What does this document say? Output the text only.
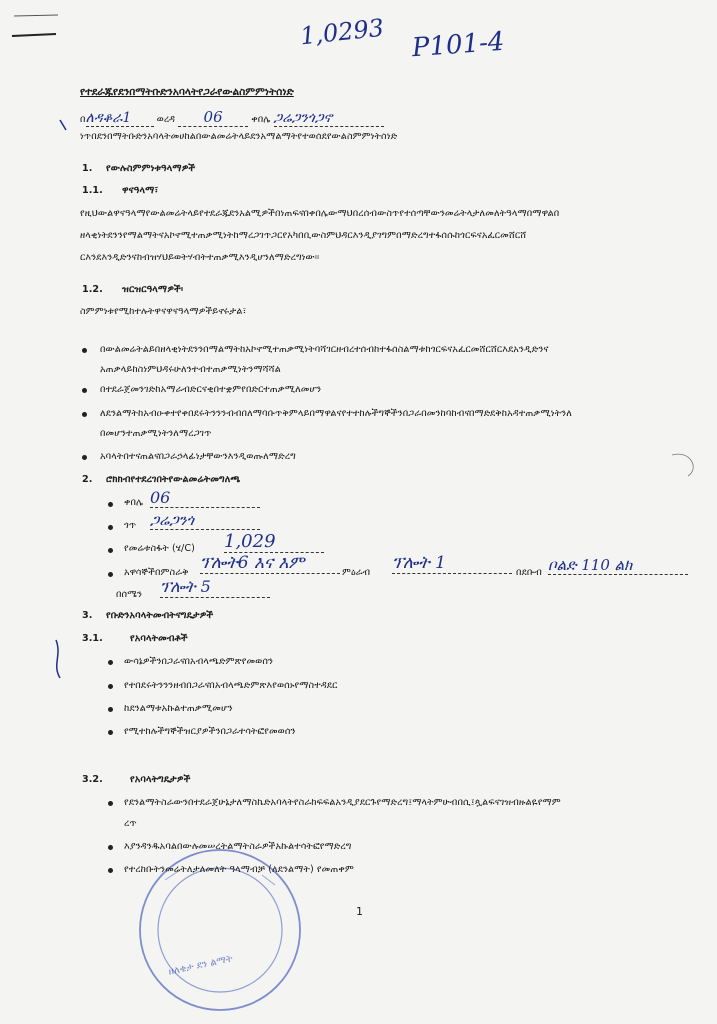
1,0293 P101-4
የተደራጁየደንበማትቡድንአባላትየጋራየውልስምምነትሰነድ
በለዳቆራ1	ወረዳ 06	ቀበሌ ጋሬጋንጎጋኖ
ነጥበደንበማትቡድንአባላትመሀከልበውልመሬትላይደንአማልማትየተወሰደየውልስምምነትሰነድ
1. የውሉስምምነቱዓላማዎች
1.1. ዋናዓላማ፣
የዚህውልዋናዓላማየውልመሬትላይየተደራጁደንአልሚዎችበነጠፍናበቀበሌውማህበረሰብውስጥየተሰጣቸውንመሬትላታለመለትዓላማበማዋልበ
ዘላቂነትደንንየማልማትናአኮኖሚተጠቃሚነትከማረጋገጥጋርየአካበቢውስምህዳርእንዲያገግምበማድረግተፋሰሱከጎርፍናአፈርመሸርሸ
ርእንደእንዲድንናከብዝሃህይወትሃብትተጠቃሚእንዲሆንለማድረግነው።
1.2. ዝርዝርዓላማዎች፡
ስምምነቱየሚከተሉትዋናዋናዓላማዎችይኖሩታል፣
በውልመሬትልይበዘላቂነትደንንበማልማትከአኮኖሚተጠቃሚነትባሻገርዘብረተሰብከተፋሰስልማቱከጎርፍናአፈርመሸርሸርእደአንዲድንና
አጠቃላይከስነምህዳሩሁለንተብተጠቃሚነትንማሻሻል
በተደራጀመንገድከአማራብድርናቂበተቋምየበድርተጠቃሚለመሆን
ለደንልማትከአብዑቀተየቀበደሩትንንንብብበለማባቡጥቅምላይበማዋልናየተተከሉችግኞችንበጋራበመንከባከብናበማድደቅከአዳተጠቃሚነትንለ
በመሆንተጠቃሚነትንለማረጋገጥ
አባላትበተናጠልናበጋራኃላፊነታቸውንእንዲወጡለማድረግ
2. ሮክክብየተደረገበትየውልመሬትመግለጫ
ቀበሌ 06
ጎጥ ጋሬጋንጎ
የመሬቱስፋት (ሄ/C) 1,029
አዋሳኞችበምስራቅ ፕሎት6 እና እም	ምዕራብ ፕሎት 1	በደቡብ ቦልድ 110 ልክ
በሰሜን ፕሎት 5
3. የቡድንአባላትመብትናግዴታዎች
3.1.	የአባላትመብቶች
ውሳኔዎችንበጋራናበአብላጫድምጽየመወሰን
የተበደሩትንንንዘብበጋራናበአብላጫድምጽእየወሰኑየማስተዳደር
ከደንልማቱአኩልተጠቃሚመሆን
የሚተከሉችግኞችዝርያዎችንበጋራተሳትፎየመወሰን
3.2.	የአባላትግዴታዎች
የደንልማትስራውንበተደራጀሁኔታለማስኬድአባላትየስራከፍፍልአንዲያደርጉየማድረግ፤ማላትምሁብበሲ፤ጷልፍናገዝብዙልዬየማም
ረጥ
እያንዳንዱአባልበውሉመሠረትልማትስራዎችአኩልተሳትፎየማድረግ
የተረከቡትንመሬትለታለመለት ዓላማብቻ (ለደንልማት) የመጠቀም
ዘለቄታ ደን ልማት
1
